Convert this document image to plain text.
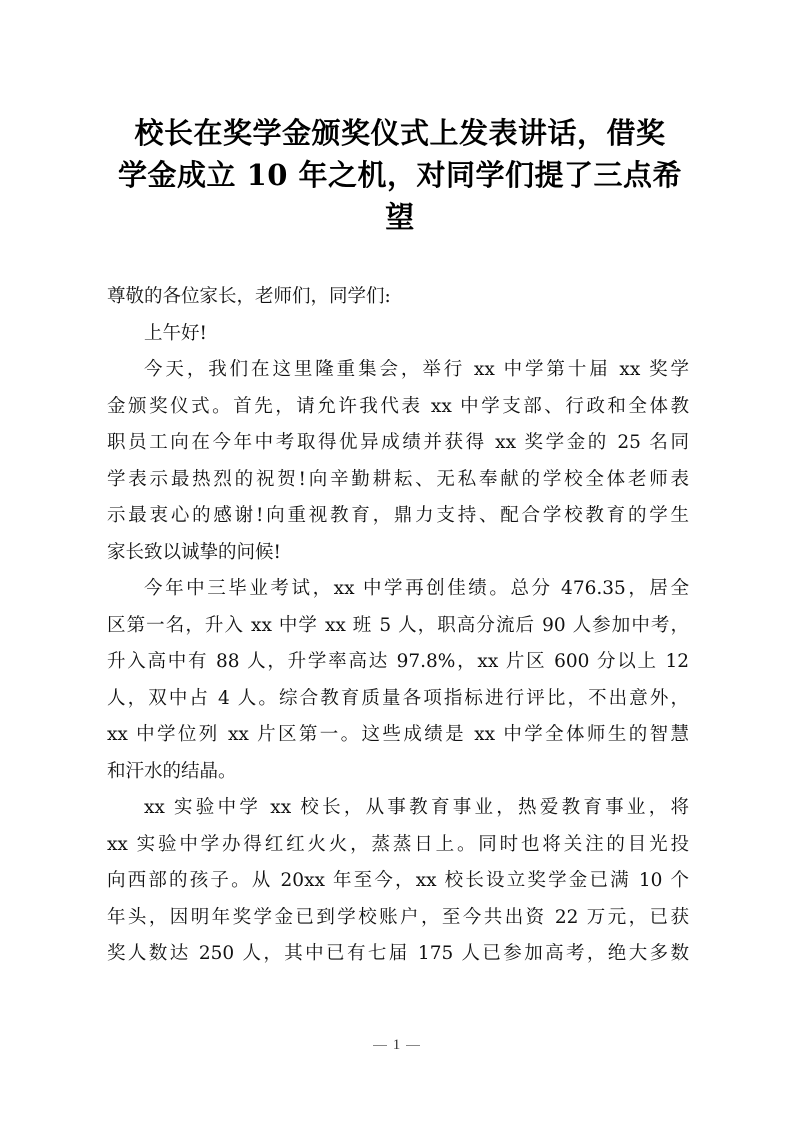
校长在奖学金颁奖仪式上发表讲话，借奖
学金成立 10 年之机，对同学们提了三点希
望
尊敬的各位家长，老师们，同学们:
上午好!
今天，我们在这里隆重集会，举行 xx 中学第十届 xx 奖学
金颁奖仪式。首先，请允许我代表 xx 中学支部、行政和全体教
职员工向在今年中考取得优异成绩并获得 xx 奖学金的 25 名同
学表示最热烈的祝贺!向辛勤耕耘、无私奉献的学校全体老师表
示最衷心的感谢!向重视教育，鼎力支持、配合学校教育的学生
家长致以诚挚的问候!
今年中三毕业考试，xx 中学再创佳绩。总分 476.35，居全
区第一名，升入 xx 中学 xx 班 5 人，职高分流后 90 人参加中考，
升入高中有 88 人，升学率高达 97.8%，xx 片区 600 分以上 12
人，双中占 4 人。综合教育质量各项指标进行评比，不出意外，
xx 中学位列 xx 片区第一。这些成绩是 xx 中学全体师生的智慧
和汗水的结晶。
xx 实验中学 xx 校长，从事教育事业，热爱教育事业，将
xx 实验中学办得红红火火，蒸蒸日上。同时也将关注的目光投
向西部的孩子。从 20xx 年至今，xx 校长设立奖学金已满 10 个
年头，因明年奖学金已到学校账户，至今共出资 22 万元，已获
奖人数达 250 人，其中已有七届 175 人已参加高考，绝大多数
1
